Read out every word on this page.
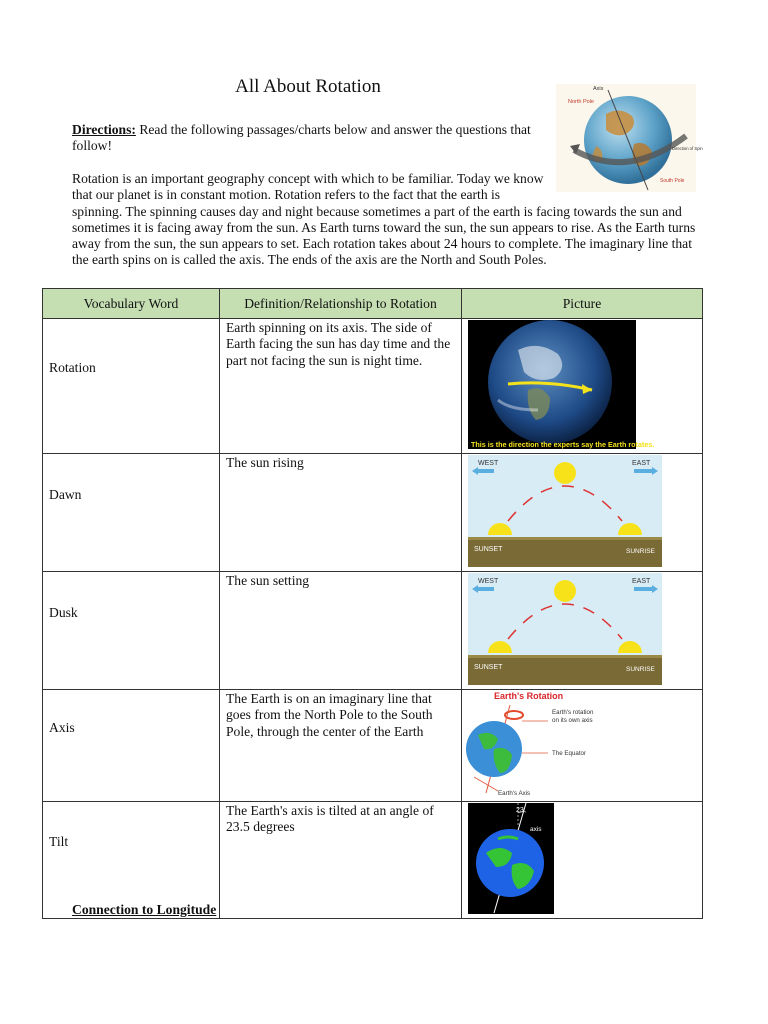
All About Rotation	Axis
North Pole
Direction of Spin
South Pole

Directions: Read the following passages/charts below and answer the questions that follow!

Rotation is an important geography concept with which to be familiar. Today we know that our planet is in constant motion. Rotation refers to the fact that the earth is
spinning. The spinning causes day and night because sometimes a part of the earth is facing towards the sun and sometimes it is facing away from the sun. As Earth turns toward the sun, the sun appears to rise. As the Earth turns away from the sun, the sun appears to set. Each rotation takes about 24 hours to complete. The imaginary line that the earth spins on is called the axis. The ends of the axis are the North and South Poles.

Vocabulary Word	Definition/Relationship to Rotation	Picture
Rotation	Earth spinning on its axis. The side of Earth facing the sun has day time and the part not facing the sun is night time.	This is the direction the experts say the Earth rotates.

Dawn	The sun rising	WEST EAST
SUNSET SUNRISE

Dusk	The sun setting	WEST EAST
SUNSET SUNRISE

Axis	The Earth is on an imaginary line that goes from the North Pole to the South Pole, through the center of the Earth	Earth's Rotation
Earth's rotation on its own axis
The Equator
Earth's Axis

Tilt	The Earth's axis is tilted at an angle of 23.5 degrees	23
axis
Connection to Longitude
